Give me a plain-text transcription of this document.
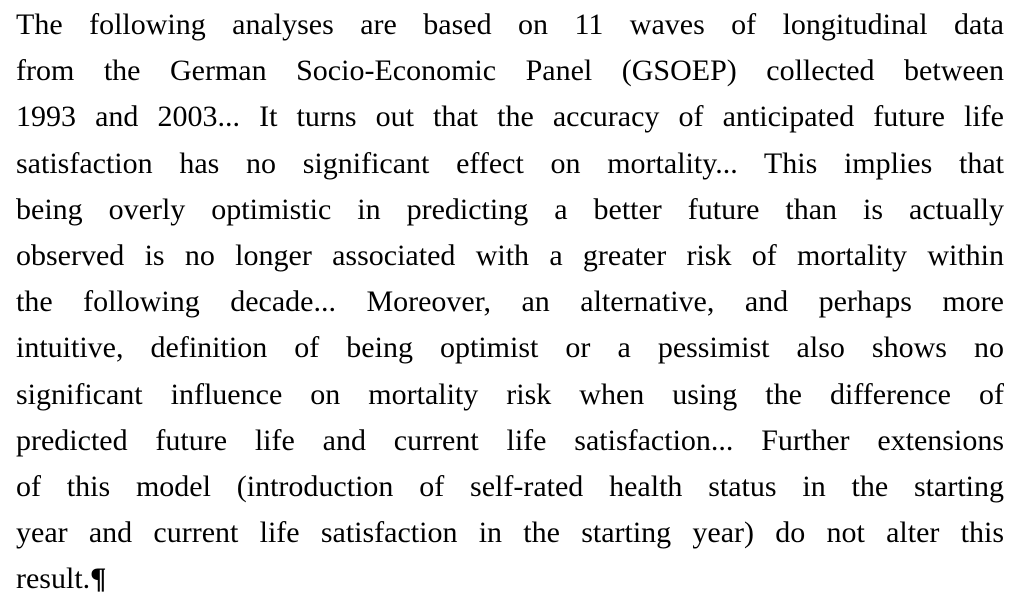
The following analyses are based on 11 waves of longitudinal data
from the German Socio-Economic Panel (GSOEP) collected between
1993 and 2003... It turns out that the accuracy of anticipated future life
satisfaction has no significant effect on mortality... This implies that
being overly optimistic in predicting a better future than is actually
observed is no longer associated with a greater risk of mortality within
the following decade... Moreover, an alternative, and perhaps more
intuitive, definition of being optimist or a pessimist also shows no
significant influence on mortality risk when using the difference of
predicted future life and current life satisfaction... Further extensions
of this model (introduction of self-rated health status in the starting
year and current life satisfaction in the starting year) do not alter this
result.¶
